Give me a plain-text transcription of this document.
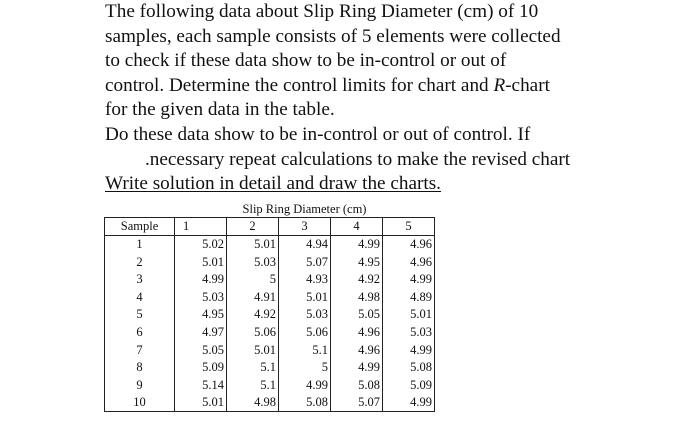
The following data about Slip Ring Diameter (cm) of 10
samples, each sample consists of 5 elements were collected
to check if these data show to be in-control or out of
control. Determine the control limits for chart and R-chart
for the given data in the table.
Do these data show to be in-control or out of control. If
.necessary repeat calculations to make the revised chart
Write solution in detail and draw the charts.
	Slip Ring Diameter (cm)				
Sample	1	2	3	4	5
1	5.02	5.01	4.94	4.99	4.96
2	5.01	5.03	5.07	4.95	4.96
3	4.99	5	4.93	4.92	4.99
4	5.03	4.91	5.01	4.98	4.89
5	4.95	4.92	5.03	5.05	5.01
6	4.97	5.06	5.06	4.96	5.03
7	5.05	5.01	5.1	4.96	4.99
8	5.09	5.1	5	4.99	5.08
9	5.14	5.1	4.99	5.08	5.09
10	5.01	4.98	5.08	5.07	4.99
